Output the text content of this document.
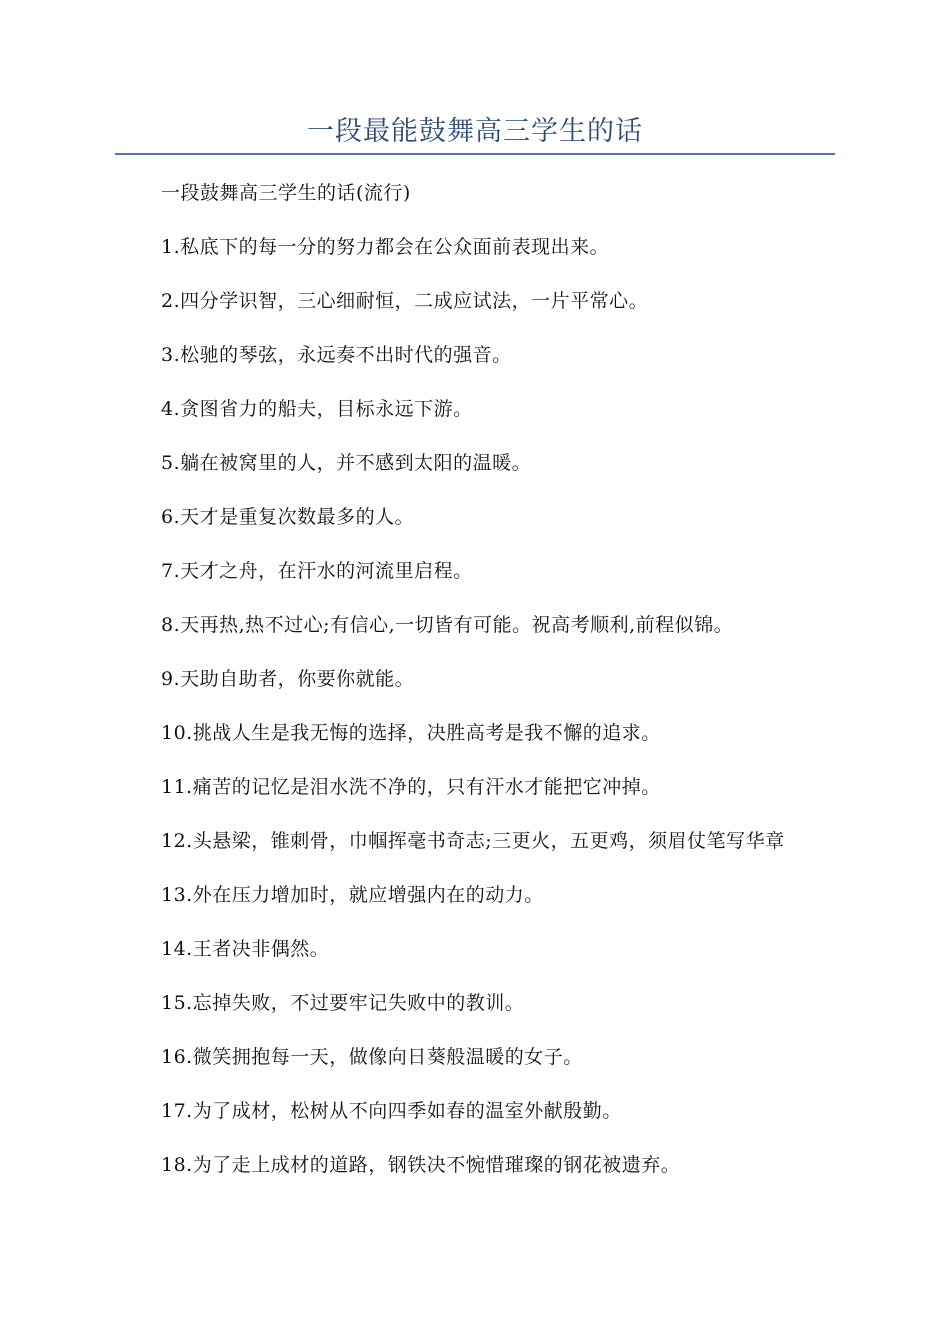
一段最能鼓舞高三学生的话

一段鼓舞高三学生的话(流行)

1.私底下的每一分的努力都会在公众面前表现出来。

2.四分学识智，三心细耐恒，二成应试法，一片平常心。

3.松驰的琴弦，永远奏不出时代的强音。

4.贪图省力的船夫，目标永远下游。

5.躺在被窝里的人，并不感到太阳的温暖。

6.天才是重复次数最多的人。

7.天才之舟，在汗水的河流里启程。

8.天再热,热不过心;有信心,一切皆有可能。祝高考顺利,前程似锦。

9.天助自助者，你要你就能。

10.挑战人生是我无悔的选择，决胜高考是我不懈的追求。

11.痛苦的记忆是泪水洗不净的，只有汗水才能把它冲掉。

12.头悬梁，锥刺骨，巾帼挥毫书奇志;三更火，五更鸡，须眉仗笔写华章

13.外在压力增加时，就应增强内在的动力。

14.王者决非偶然。

15.忘掉失败，不过要牢记失败中的教训。

16.微笑拥抱每一天，做像向日葵般温暖的女子。

17.为了成材，松树从不向四季如春的温室外献殷勤。

18.为了走上成材的道路，钢铁决不惋惜璀璨的钢花被遗弃。
